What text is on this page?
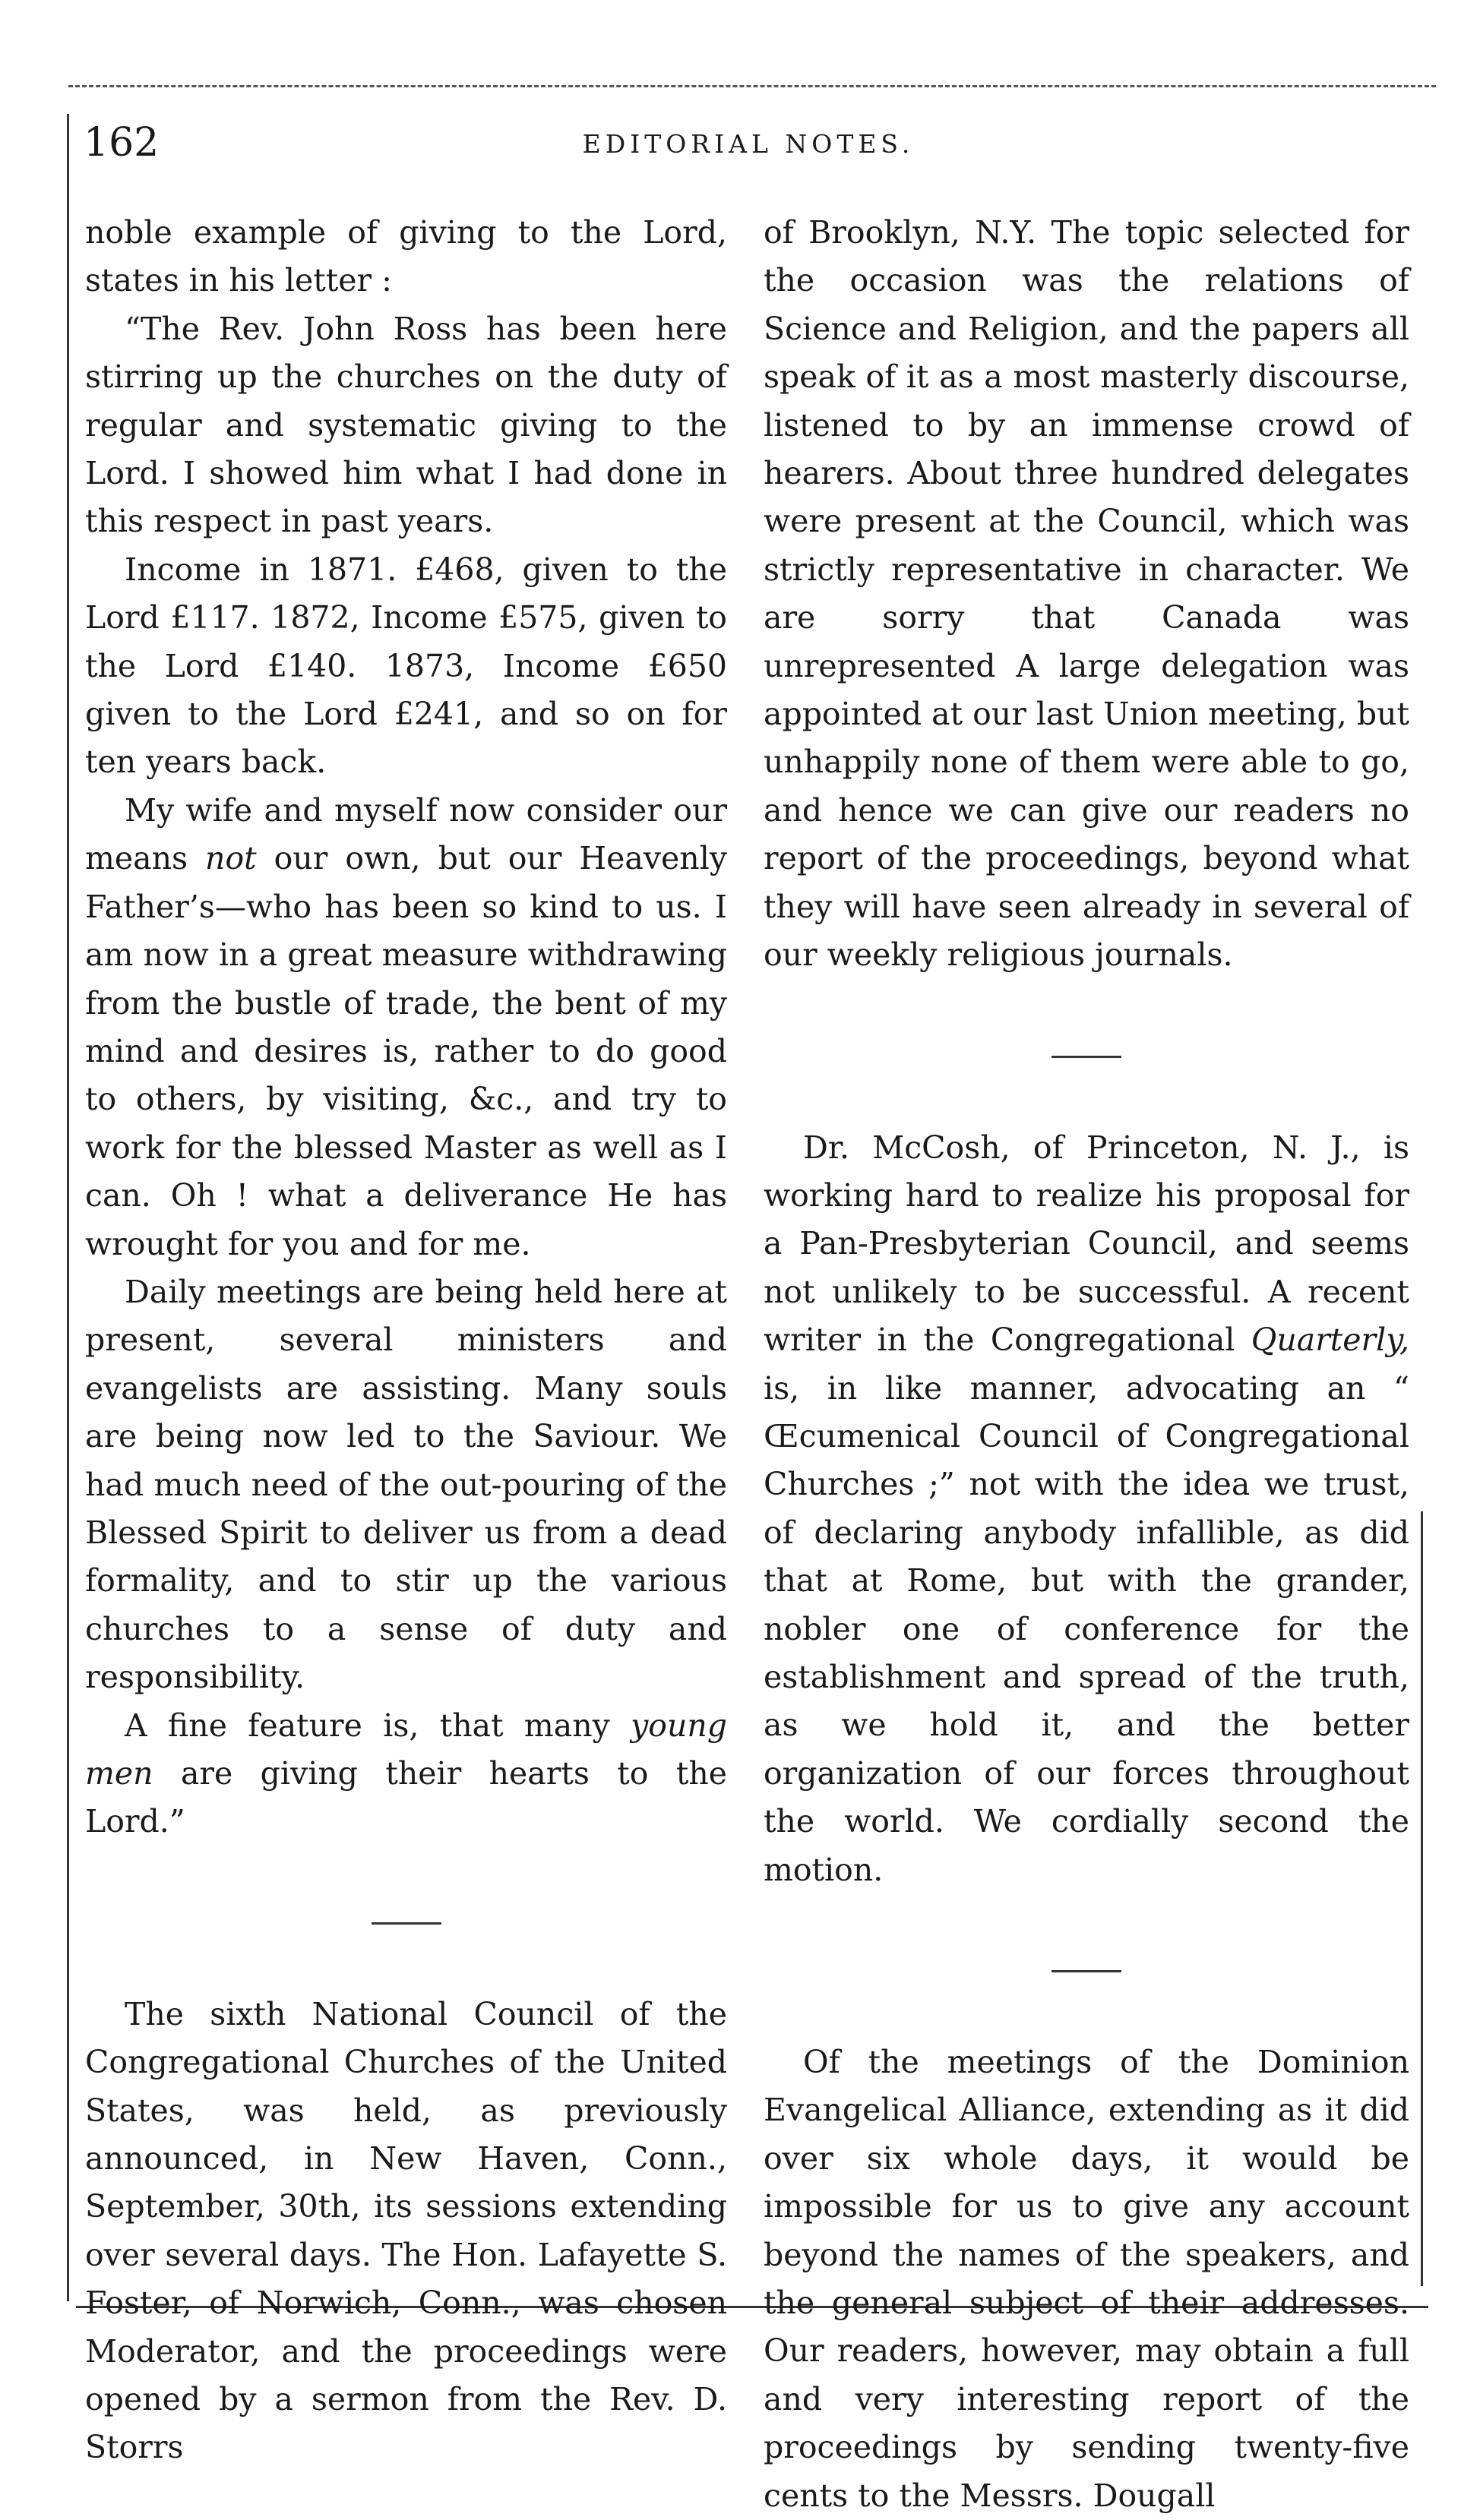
162	EDITORIAL NOTES.

noble example of giving to the Lord, states in his letter :

“The Rev. John Ross has been here stirring up the churches on the duty of regular and systematic giving to the Lord. I showed him what I had done in this respect in past years.

Income in 1871. £468, given to the Lord £117. 1872, Income £575, given to the Lord £140. 1873, Income £650 given to the Lord £241, and so on for ten years back.

My wife and myself now consider our means not our own, but our Heavenly Father’s—who has been so kind to us. I am now in a great measure withdrawing from the bustle of trade, the bent of my mind and desires is, rather to do good to others, by visiting, &c., and try to work for the blessed Master as well as I can. Oh ! what a deliverance He has wrought for you and for me.

Daily meetings are being held here at present, several ministers and evangelists are assisting. Many souls are being now led to the Saviour. We had much need of the out-pouring of the Blessed Spirit to deliver us from a dead formality, and to stir up the various churches to a sense of duty and responsibility.

A fine feature is, that many young men are giving their hearts to the Lord.”

The sixth National Council of the Congregational Churches of the United States, was held, as previously announced, in New Haven, Conn., September, 30th, its sessions extending over several days. The Hon. Lafayette S. Foster, of Norwich, Conn., was chosen Moderator, and the proceedings were opened by a sermon from the Rev. D. Storrs

of Brooklyn, N.Y. The topic selected for the occasion was the relations of Science and Religion, and the papers all speak of it as a most masterly discourse, listened to by an immense crowd of hearers. About three hundred delegates were present at the Council, which was strictly representative in character. We are sorry that Canada was unrepresented A large delegation was appointed at our last Union meeting, but unhappily none of them were able to go, and hence we can give our readers no report of the proceedings, beyond what they will have seen already in several of our weekly religious journals.

Dr. McCosh, of Princeton, N. J., is working hard to realize his proposal for a Pan-Presbyterian Council, and seems not unlikely to be successful. A recent writer in the Congregational Quarterly, is, in like manner, advocating an “ Œcumenical Council of Congregational Churches ;” not with the idea we trust, of declaring anybody infallible, as did that at Rome, but with the grander, nobler one of conference for the establishment and spread of the truth, as we hold it, and the better organization of our forces throughout the world. We cordially second the motion.

Of the meetings of the Dominion Evangelical Alliance, extending as it did over six whole days, it would be impossible for us to give any account beyond the names of the speakers, and the general subject of their addresses. Our readers, however, may obtain a full and very interesting report of the proceedings by sending twenty-five cents to the Messrs. Dougall
